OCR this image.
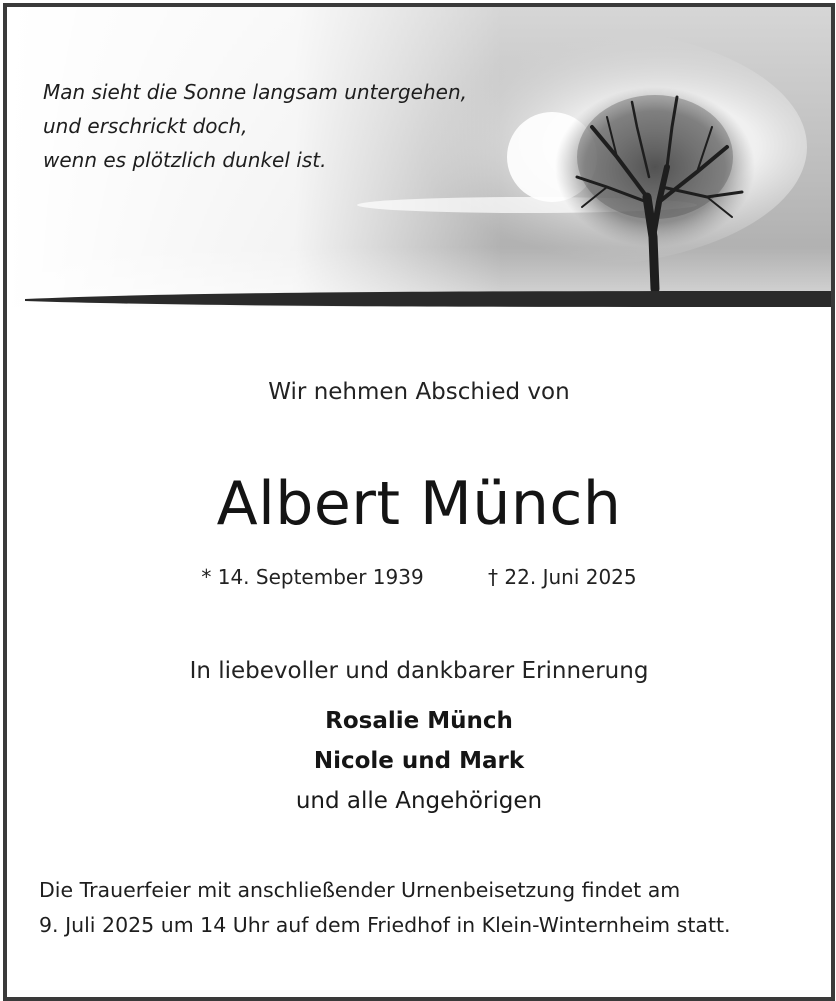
Man sieht die Sonne langsam untergehen,
und erschrickt doch,
wenn es plötzlich dunkel ist.
Wir nehmen Abschied von
Albert Münch
* 14. September 1939	† 22. Juni 2025
In liebevoller und dankbarer Erinnerung
Rosalie Münch
Nicole und Mark
und alle Angehörigen
Die Trauerfeier mit anschließender Urnenbeisetzung findet am
9. Juli 2025 um 14 Uhr auf dem Friedhof in Klein-Winternheim statt.
